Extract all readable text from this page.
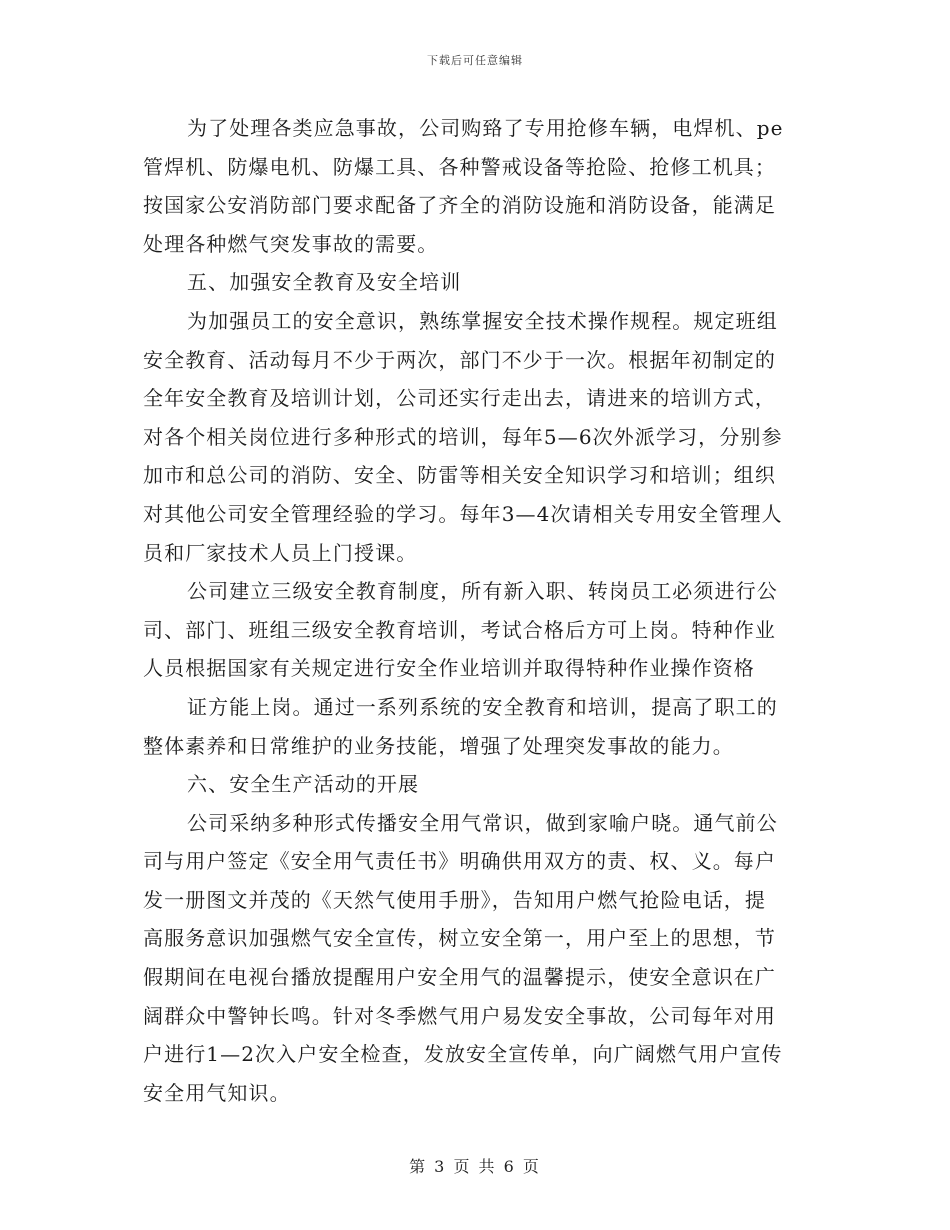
下载后可任意编辑
为了处理各类应急事故，公司购臵了专用抢修车辆，电焊机、pe
管焊机、防爆电机、防爆工具、各种警戒设备等抢险、抢修工机具；
按国家公安消防部门要求配备了齐全的消防设施和消防设备，能满足
处理各种燃气突发事故的需要。
五、加强安全教育及安全培训
为加强员工的安全意识，熟练掌握安全技术操作规程。规定班组
安全教育、活动每月不少于两次，部门不少于一次。根据年初制定的
全年安全教育及培训计划，公司还实行走出去，请进来的培训方式，
对各个相关岗位进行多种形式的培训，每年5—6次外派学习，分别参
加市和总公司的消防、安全、防雷等相关安全知识学习和培训；组织
对其他公司安全管理经验的学习。每年3—4次请相关专用安全管理人
员和厂家技术人员上门授课。
公司建立三级安全教育制度，所有新入职、转岗员工必须进行公
司、部门、班组三级安全教育培训，考试合格后方可上岗。特种作业
人员根据国家有关规定进行安全作业培训并取得特种作业操作资格
证方能上岗。通过一系列系统的安全教育和培训，提高了职工的
整体素养和日常维护的业务技能，增强了处理突发事故的能力。
六、安全生产活动的开展
公司采纳多种形式传播安全用气常识，做到家喻户晓。通气前公
司与用户签定《安全用气责任书》明确供用双方的责、权、义。每户
发一册图文并茂的《天然气使用手册》，告知用户燃气抢险电话，提
高服务意识加强燃气安全宣传，树立安全第一，用户至上的思想，节
假期间在电视台播放提醒用户安全用气的温馨提示，使安全意识在广
阔群众中警钟长鸣。针对冬季燃气用户易发安全事故，公司每年对用
户进行1—2次入户安全检查，发放安全宣传单，向广阔燃气用户宣传
安全用气知识。
第 3 页 共 6 页
